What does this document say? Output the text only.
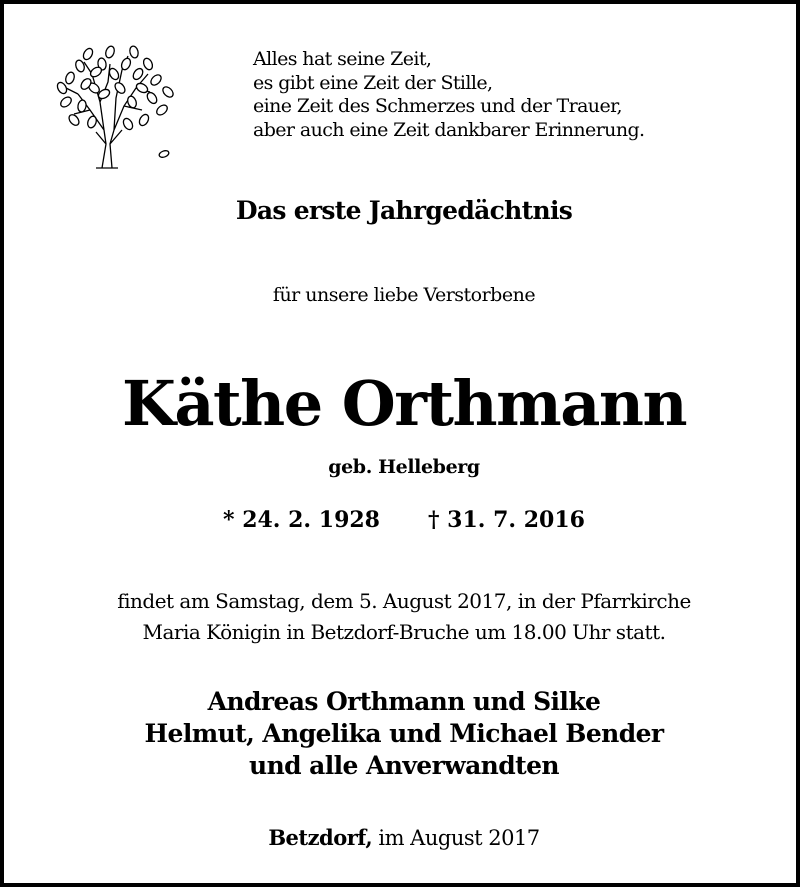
Alles hat seine Zeit,
es gibt eine Zeit der Stille,
eine Zeit des Schmerzes und der Trauer,
aber auch eine Zeit dankbarer Erinnerung.
Das erste Jahrgedächtnis
für unsere liebe Verstorbene
Käthe Orthmann
geb. Helleberg
* 24. 2. 1928 † 31. 7. 2016
findet am Samstag, dem 5. August 2017, in der Pfarrkirche
Maria Königin in Betzdorf-Bruche um 18.00 Uhr statt.
Andreas Orthmann und Silke
Helmut, Angelika und Michael Bender
und alle Anverwandten
Betzdorf, im August 2017
